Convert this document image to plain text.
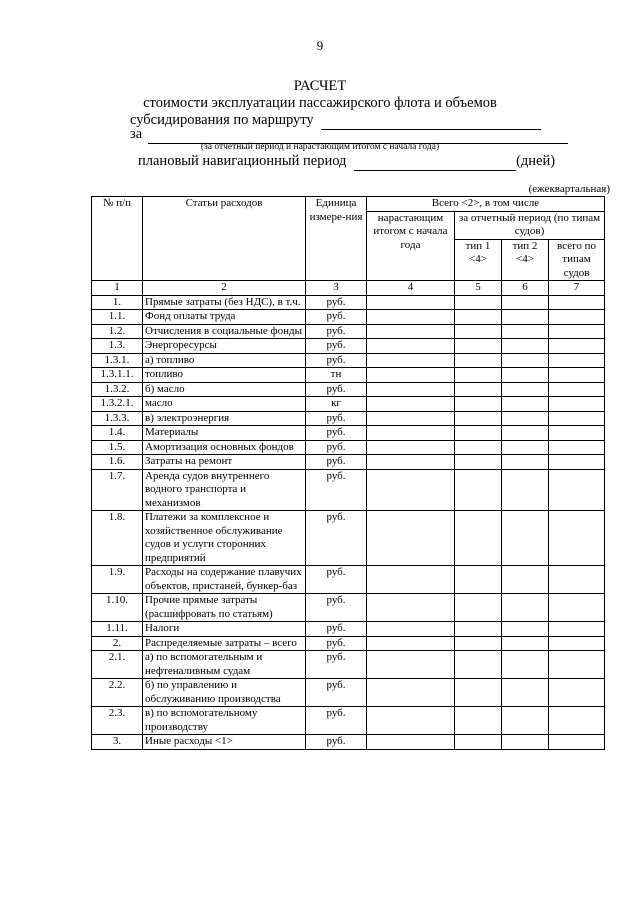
9
РАСЧЕТ
стоимости эксплуатации пассажирского флота и объемов
субсидирования по маршруту
за
(за отчетный период и нарастающим итогом с начала года)
плановый навигационный период	(дней)
(ежеквартальная)
№ п/п	Статьи расходов	Единица измере-ния	Всего <2>, в том числе			
			нарастающим итогом с начала года	за отчетный период (по типам судов)		
				тип 1 <4>	тип 2 <4>	всего по типам судов
1	2	3	4	5	6	7
1.	Прямые затраты (без НДС), в т.ч.	руб.				
1.1.	Фонд оплаты труда	руб.				
1.2.	Отчисления в социальные фонды	руб.				
1.3.	Энергоресурсы	руб.				
1.3.1.	а) топливо	руб.				
1.3.1.1.	топливо	тн				
1.3.2.	б) масло	руб.				
1.3.2.1.	масло	кг				
1.3.3.	в) электроэнергия	руб.				
1.4.	Материалы	руб.				
1.5.	Амортизация основных фондов	руб.				
1.6.	Затраты на ремонт	руб.				
1.7.	Аренда судов внутреннего водного транспорта и механизмов	руб.				
1.8.	Платежи за комплексное и хозяйственное обслуживание судов и услуги сторонних предприятий	руб.				
1.9.	Расходы на содержание плавучих объектов, пристаней, бункер-баз	руб.				
1.10.	Прочие прямые затраты (расшифровать по статьям)	руб.				
1.11.	Налоги	руб.				
2.	Распределяемые затраты – всего	руб.				
2.1.	а) по вспомогательным и нефтеналивным судам	руб.				
2.2.	б) по управлению и обслуживанию производства	руб.				
2.3.	в) по вспомогательному производству	руб.				
3.	Иные расходы <1>	руб.				
